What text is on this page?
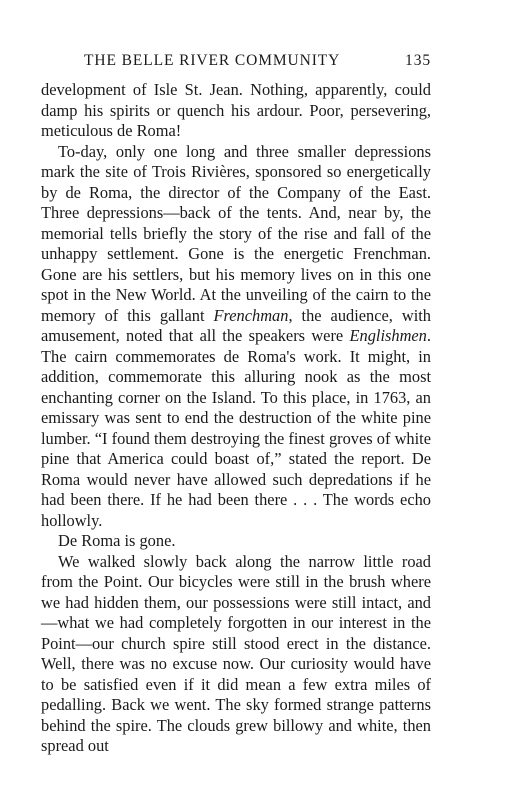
THE BELLE RIVER COMMUNITY	135

development of Isle St. Jean. Nothing, apparently, could damp his spirits or quench his ardour. Poor, persevering, meticulous de Roma!

To-day, only one long and three smaller depressions mark the site of Trois Rivières, sponsored so energetically by de Roma, the director of the Company of the East. Three depressions—back of the tents. And, near by, the memorial tells briefly the story of the rise and fall of the unhappy settlement. Gone is the energetic Frenchman. Gone are his settlers, but his memory lives on in this one spot in the New World. At the unveiling of the cairn to the memory of this gallant Frenchman, the audience, with amusement, noted that all the speakers were Englishmen. The cairn commemorates de Roma's work. It might, in addition, commemorate this alluring nook as the most enchanting corner on the Island. To this place, in 1763, an emissary was sent to end the destruction of the white pine lumber. “I found them destroying the finest groves of white pine that America could boast of,” stated the report. De Roma would never have allowed such depredations if he had been there. If he had been there . . . The words echo hollowly.

De Roma is gone.

We walked slowly back along the narrow little road from the Point. Our bicycles were still in the brush where we had hidden them, our possessions were still intact, and—what we had completely forgotten in our interest in the Point—our church spire still stood erect in the distance. Well, there was no excuse now. Our curiosity would have to be satisfied even if it did mean a few extra miles of pedalling. Back we went. The sky formed strange patterns behind the spire. The clouds grew billowy and white, then spread out
